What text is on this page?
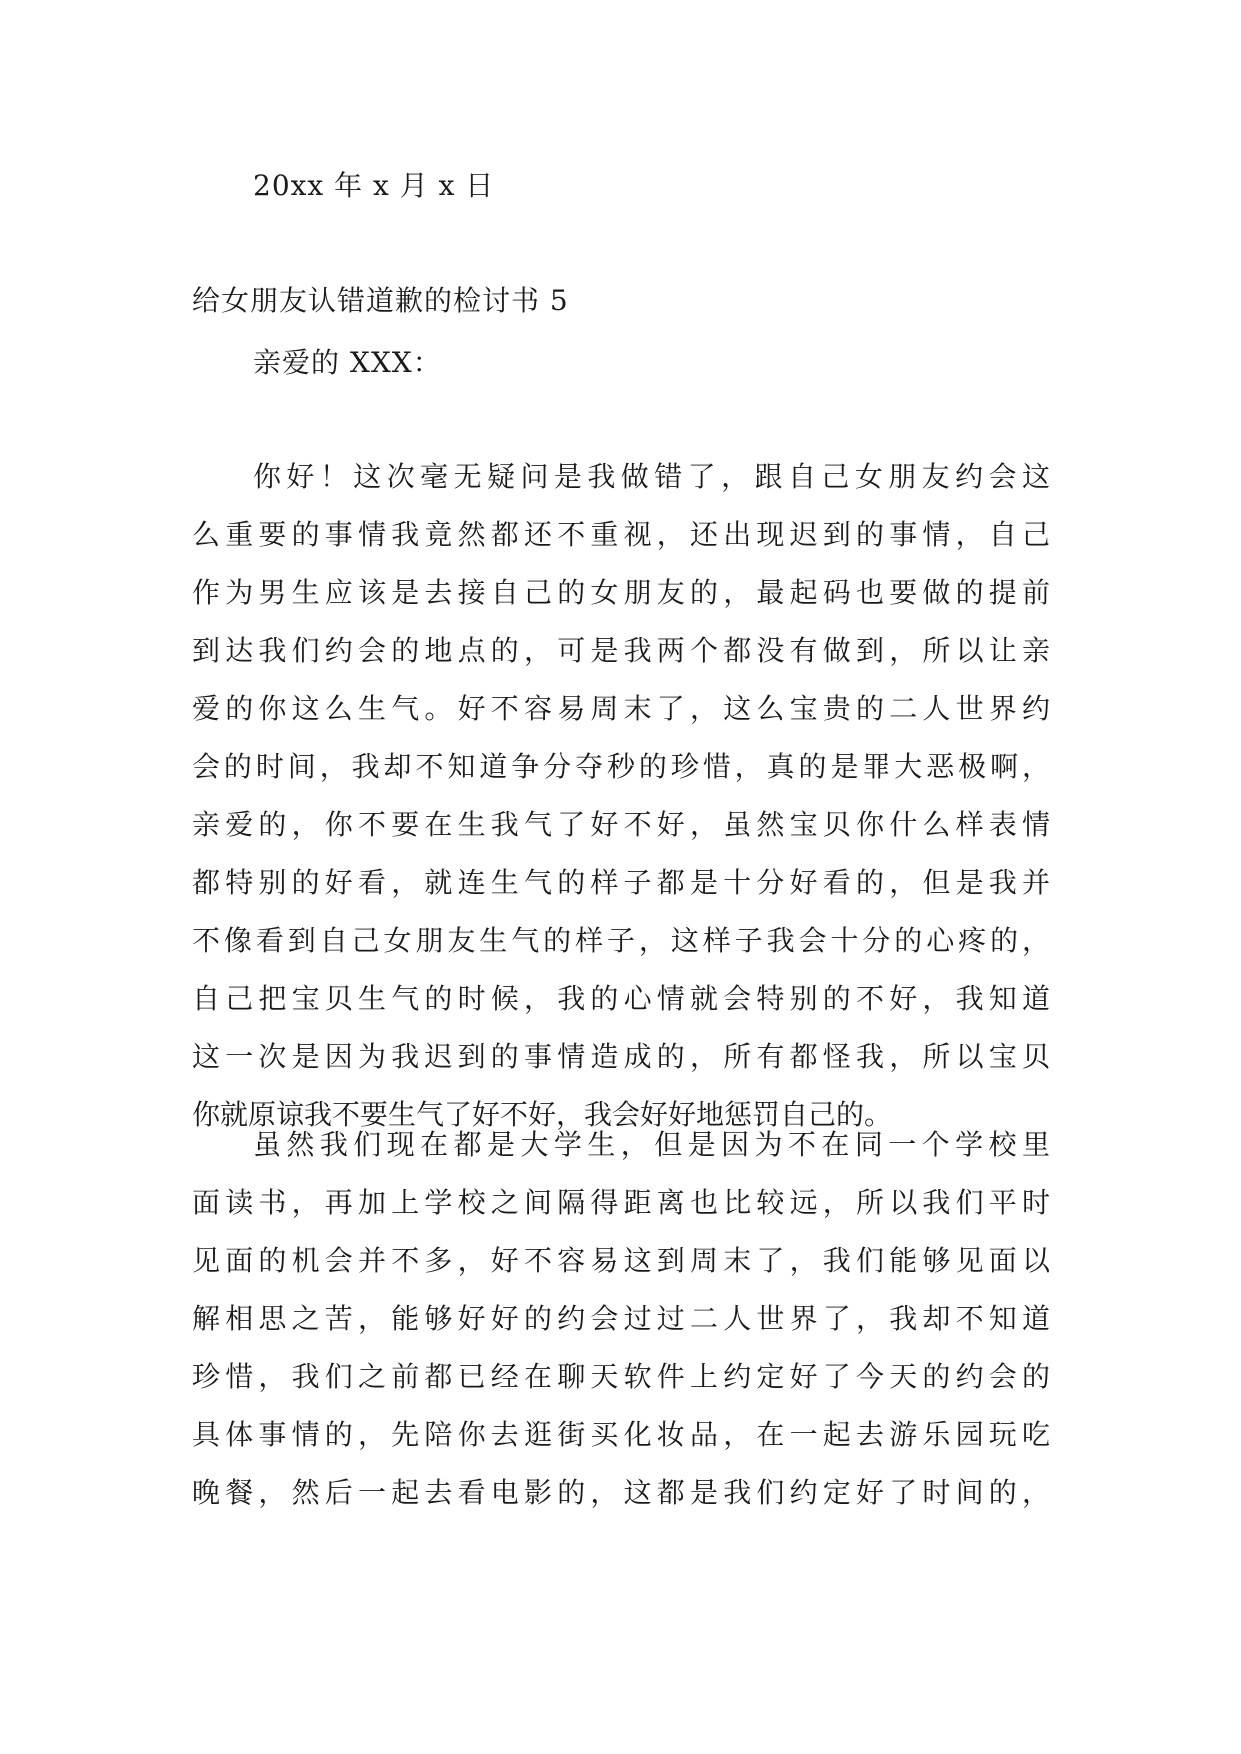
20xx 年 x 月 x 日
给女朋友认错道歉的检讨书 5
亲爱的 XXX：
你好！这次毫无疑问是我做错了，跟自己女朋友约会这
么重要的事情我竟然都还不重视，还出现迟到的事情，自己
作为男生应该是去接自己的女朋友的，最起码也要做的提前
到达我们约会的地点的，可是我两个都没有做到，所以让亲
爱的你这么生气。好不容易周末了，这么宝贵的二人世界约
会的时间，我却不知道争分夺秒的珍惜，真的是罪大恶极啊，
亲爱的，你不要在生我气了好不好，虽然宝贝你什么样表情
都特别的好看，就连生气的样子都是十分好看的，但是我并
不像看到自己女朋友生气的样子，这样子我会十分的心疼的，
自己把宝贝生气的时候，我的心情就会特别的不好，我知道
这一次是因为我迟到的事情造成的，所有都怪我，所以宝贝
你就原谅我不要生气了好不好，我会好好地惩罚自己的。
虽然我们现在都是大学生，但是因为不在同一个学校里
面读书，再加上学校之间隔得距离也比较远，所以我们平时
见面的机会并不多，好不容易这到周末了，我们能够见面以
解相思之苦，能够好好的约会过过二人世界了，我却不知道
珍惜，我们之前都已经在聊天软件上约定好了今天的约会的
具体事情的，先陪你去逛街买化妆品，在一起去游乐园玩吃
晚餐，然后一起去看电影的，这都是我们约定好了时间的，
